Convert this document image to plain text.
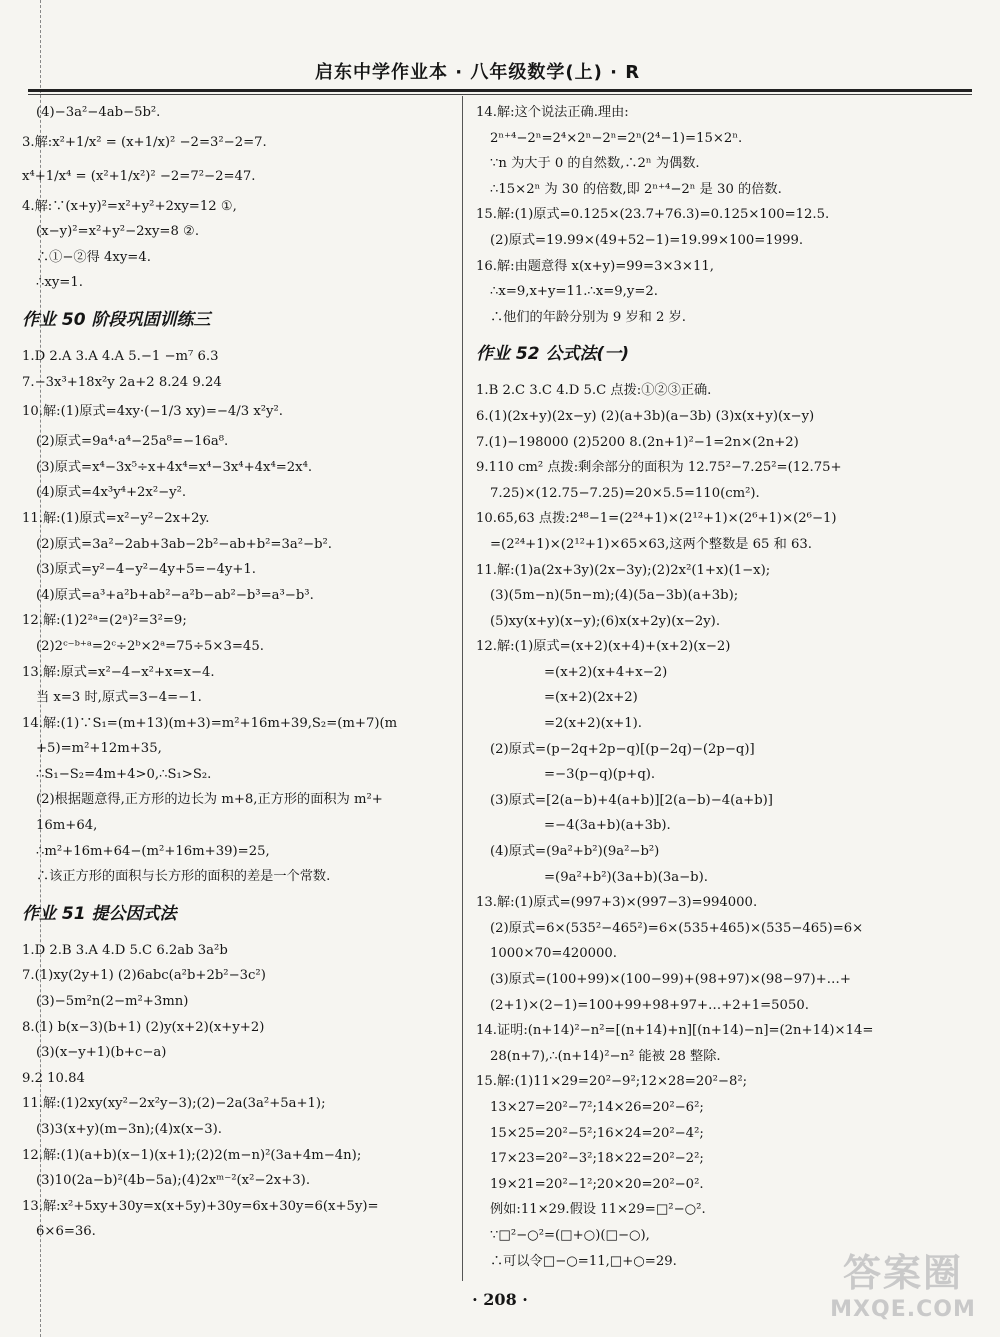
启东中学作业本 · 八年级数学(上) · R
(4)−3a²−4ab−5b².
3.解:x²+1/x² = (x+1/x)² −2=3²−2=7.
x⁴+1/x⁴ = (x²+1/x²)² −2=7²−2=47.
4.解:∵(x+y)²=x²+y²+2xy=12 ①,
(x−y)²=x²+y²−2xy=8 ②.
∴①−②得 4xy=4.
∴xy=1.
作业 50 阶段巩固训练三
1.D 2.A 3.A 4.A 5.−1 −m⁷ 6.3
7.−3x³+18x²y 2a+2 8.24 9.24
10.解:(1)原式=4xy·(−1/3 xy)=−4/3 x²y².
(2)原式=9a⁴·a⁴−25a⁸=−16a⁸.
(3)原式=x⁴−3x⁵÷x+4x⁴=x⁴−3x⁴+4x⁴=2x⁴.
(4)原式=4x³y⁴+2x²−y².
11.解:(1)原式=x²−y²−2x+2y.
(2)原式=3a²−2ab+3ab−2b²−ab+b²=3a²−b².
(3)原式=y²−4−y²−4y+5=−4y+1.
(4)原式=a³+a²b+ab²−a²b−ab²−b³=a³−b³.
12.解:(1)2²ᵃ=(2ᵃ)²=3²=9;
(2)2ᶜ⁻ᵇ⁺ᵃ=2ᶜ÷2ᵇ×2ᵃ=75÷5×3=45.
13.解:原式=x²−4−x²+x=x−4.
当 x=3 时,原式=3−4=−1.
14.解:(1)∵S₁=(m+13)(m+3)=m²+16m+39,S₂=(m+7)(m
+5)=m²+12m+35,
∴S₁−S₂=4m+4>0,∴S₁>S₂.
(2)根据题意得,正方形的边长为 m+8,正方形的面积为 m²+
16m+64,
∴m²+16m+64−(m²+16m+39)=25,
∴该正方形的面积与长方形的面积的差是一个常数.
作业 51 提公因式法
1.D 2.B 3.A 4.D 5.C 6.2ab 3a²b
7.(1)xy(2y+1) (2)6abc(a²b+2b²−3c²)
(3)−5m²n(2−m²+3mn)
8.(1) b(x−3)(b+1) (2)y(x+2)(x+y+2)
(3)(x−y+1)(b+c−a)
9.2 10.84
11.解:(1)2xy(xy²−2x²y−3);(2)−2a(3a²+5a+1);
(3)3(x+y)(m−3n);(4)x(x−3).
12.解:(1)(a+b)(x−1)(x+1);(2)2(m−n)²(3a+4m−4n);
(3)10(2a−b)²(4b−5a);(4)2xᵐ⁻²(x²−2x+3).
13.解:x²+5xy+30y=x(x+5y)+30y=6x+30y=6(x+5y)=
6×6=36.
14.解:这个说法正确.理由:
2ⁿ⁺⁴−2ⁿ=2⁴×2ⁿ−2ⁿ=2ⁿ(2⁴−1)=15×2ⁿ.
∵n 为大于 0 的自然数,∴2ⁿ 为偶数.
∴15×2ⁿ 为 30 的倍数,即 2ⁿ⁺⁴−2ⁿ 是 30 的倍数.
15.解:(1)原式=0.125×(23.7+76.3)=0.125×100=12.5.
(2)原式=19.99×(49+52−1)=19.99×100=1999.
16.解:由题意得 x(x+y)=99=3×3×11,
∴x=9,x+y=11.∴x=9,y=2.
∴他们的年龄分别为 9 岁和 2 岁.
作业 52 公式法(一)
1.B 2.C 3.C 4.D 5.C 点拨:①②③正确.
6.(1)(2x+y)(2x−y) (2)(a+3b)(a−3b) (3)x(x+y)(x−y)
7.(1)−198000 (2)5200 8.(2n+1)²−1=2n×(2n+2)
9.110 cm² 点拨:剩余部分的面积为 12.75²−7.25²=(12.75+
7.25)×(12.75−7.25)=20×5.5=110(cm²).
10.65,63 点拨:2⁴⁸−1=(2²⁴+1)×(2¹²+1)×(2⁶+1)×(2⁶−1)
=(2²⁴+1)×(2¹²+1)×65×63,这两个整数是 65 和 63.
11.解:(1)a(2x+3y)(2x−3y);(2)2x²(1+x)(1−x);
(3)(5m−n)(5n−m);(4)(5a−3b)(a+3b);
(5)xy(x+y)(x−y);(6)x(x+2y)(x−2y).
12.解:(1)原式=(x+2)(x+4)+(x+2)(x−2)
=(x+2)(x+4+x−2)
=(x+2)(2x+2)
=2(x+2)(x+1).
(2)原式=(p−2q+2p−q)[(p−2q)−(2p−q)]
=−3(p−q)(p+q).
(3)原式=[2(a−b)+4(a+b)][2(a−b)−4(a+b)]
=−4(3a+b)(a+3b).
(4)原式=(9a²+b²)(9a²−b²)
=(9a²+b²)(3a+b)(3a−b).
13.解:(1)原式=(997+3)×(997−3)=994000.
(2)原式=6×(535²−465²)=6×(535+465)×(535−465)=6×
1000×70=420000.
(3)原式=(100+99)×(100−99)+(98+97)×(98−97)+…+
(2+1)×(2−1)=100+99+98+97+…+2+1=5050.
14.证明:(n+14)²−n²=[(n+14)+n][(n+14)−n]=(2n+14)×14=
28(n+7),∴(n+14)²−n² 能被 28 整除.
15.解:(1)11×29=20²−9²;12×28=20²−8²;
13×27=20²−7²;14×26=20²−6²;
15×25=20²−5²;16×24=20²−4²;
17×23=20²−3²;18×22=20²−2²;
19×21=20²−1²;20×20=20²−0².
例如:11×29.假设 11×29=□²−○².
∵□²−○²=(□+○)(□−○),
∴可以令□−○=11,□+○=29.
· 208 ·
答案圈
MXQE.COM
